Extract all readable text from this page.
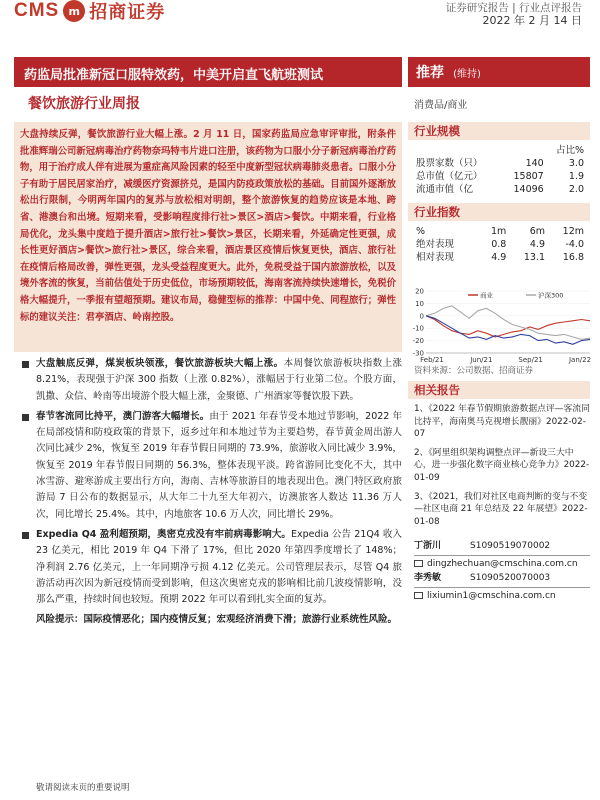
CMS m 招商证券	证券研究报告 | 行业点评报告
2022 年 2 月 14 日
药监局批准新冠口服特效药，中美开启直飞航班测试	推荐 (维持)
餐饮旅游行业周报	消费品/商业
大盘持续反弹，餐饮旅游行业大幅上涨。2 月 11 日，国家药监局应急审评审批，附条件批准辉瑞公司新冠病毒治疗药物奈玛特韦片进口注册，该药物为口服小分子新冠病毒治疗药物，用于治疗成人伴有进展为重症高风险因素的轻至中度新型冠状病毒肺炎患者。口服小分子有助于居民居家治疗，减缓医疗资源挤兑，是国内防疫政策放松的基础。目前国外逐渐放松出行限制，今明两年国内的复苏与放松相对明朗，整个旅游恢复的趋势应该是本地、跨省、港澳台和出境。短期来看，受影响程度排行社>景区>酒店>餐饮。中期来看，行业格局优化，龙头集中度趋于提升酒店>旅行社>餐饮>景区，长期来看，外延确定性更强，成长性更好酒店>餐饮>旅行社>景区，综合来看，酒店景区疫情后恢复更快，酒店、旅行社在疫情后格局改善，弹性更强，龙头受益程度更大。此外，免税受益于国内旅游放松，以及境外客流的恢复，当前估值处于历史低位，市场预期较低，海南客流持续快速增长，免税价格大幅提升，一季报有望超预期。建议布局，稳健型标的推荐：中国中免、同程旅行；弹性标的建议关注：君亭酒店、岭南控股。
大盘触底反弹，煤炭板块领涨，餐饮旅游板块大幅上涨。本周餐饮旅游板块指数上涨 8.21%，表现强于沪深 300 指数（上涨 0.82%），涨幅居于行业第二位。个股方面，凯撒、众信、岭南等出境游个股大幅上涨，金聚德、广州酒家等餐饮股下跌。
春节客流同比持平，澳门游客大幅增长。由于 2021 年春节受本地过节影响，2022 年在局部疫情和防疫政策的背景下，返乡过年和本地过节为主要趋势，春节黄金周出游人次同比减少 2%，恢复至 2019 年春节假日同期的 73.9%，旅游收入同比减少 3.9%，恢复至 2019 年春节假日同期的 56.3%，整体表现平淡。跨省游同比变化不大，其中冰雪游、避寒游成主要出行方向，海南、吉林等旅游目的地表现出色。澳门特区政府旅游局 7 日公布的数据显示，从大年二十九至大年初六，访澳旅客人数达 11.36 万人次，同比增长 25.4%。其中，内地旅客 10.6 万人次，同比增长 29%。
Expedia Q4 盈利超预期，奥密克戎没有牢前病毒影响大。Expedia 公告 21Q4 收入 23 亿美元，相比 2019 年 Q4 下滑了 17%，但比 2020 年第四季度增长了 148%；净利润 2.76 亿美元，上一年同期净亏损 4.12 亿美元。公司管理层表示，尽管 Q4 旅游活动再次因为新冠疫情而受到影响，但这次奥密克戎的影响相比前几波疫情影响，没那么严重，持续时间也较短。预期 2022 年可以看到扎实全面的复苏。
风险提示：国际疫情恶化；国内疫情反复；宏观经济消费下滑；旅游行业系统性风险。
行业规模
		占比%
股票家数（只）	140	3.0
总市值（亿元）	15807	1.9
流通市值（亿	14096	2.0
行业指数
%	1m	6m	12m
绝对表现	0.8	4.9	-4.0
相对表现	4.9	13.1	16.8
20
10
0
-10
-20
-30
Feb/21	Jun/21	Sep/21	Jan/22
商业	沪深300
资料来源：公司数据、招商证券
相关报告
1、《2022 年春节假期旅游数据点评—客流同比持平，海南奥马克视增长靓丽》2022-02-07
2、《阿里组织架构调整点评—新设三大中心，进一步强化数字商业核心竞争力》2022-01-09
3、《2021，我们对社区电商判断的变与不变—社区电商 21 年总结及 22 年展望》2022-01-08
丁浙川	S1090519070002
dingzhechuan@cmschina.com.cn
李秀敏	S1090520070003
lixiumin1@cmschina.com.cn
敬请阅读末页的重要说明
